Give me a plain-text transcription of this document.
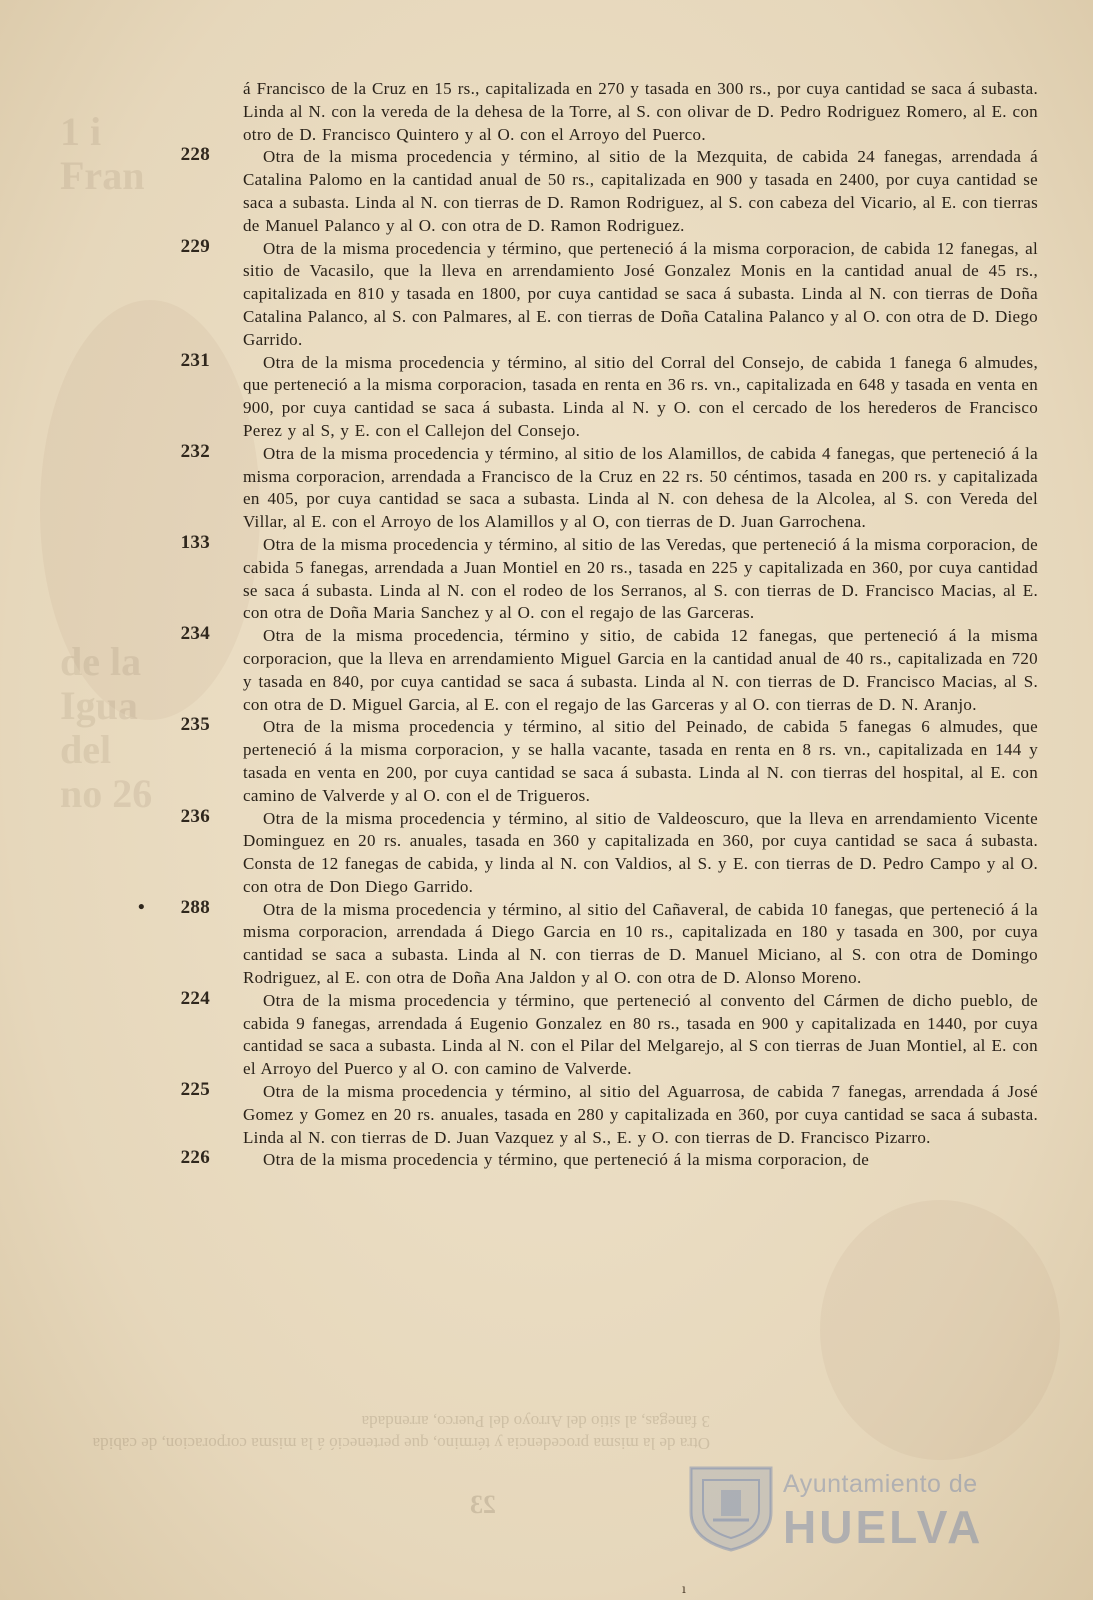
1 i
Fran
de la
Igua
del
no 26

á Francisco de la Cruz en 15 rs., capitalizada en 270 y tasada en 300 rs., por cuya cantidad se saca á subasta. Linda al N. con la vereda de la dehesa de la Torre, al S. con olivar de D. Pedro Rodriguez Romero, al E. con otro de D. Francisco Quintero y al O. con el Arroyo del Puerco.

228	Otra de la misma procedencia y término, al sitio de la Mezquita, de cabida 24 fanegas, arrendada á Catalina Palomo en la cantidad anual de 50 rs., capitalizada en 900 y tasada en 2400, por cuya cantidad se saca a subasta. Linda al N. con tierras de D. Ramon Rodriguez, al S. con cabeza del Vicario, al E. con tierras de Manuel Palanco y al O. con otra de D. Ramon Rodriguez.

229	Otra de la misma procedencia y término, que perteneció á la misma corporacion, de cabida 12 fanegas, al sitio de Vacasilo, que la lleva en arrendamiento José Gonzalez Monis en la cantidad anual de 45 rs., capitalizada en 810 y tasada en 1800, por cuya cantidad se saca á subasta. Linda al N. con tierras de Doña Catalina Palanco, al S. con Palmares, al E. con tierras de Doña Catalina Palanco y al O. con otra de D. Diego Garrido.

231	Otra de la misma procedencia y término, al sitio del Corral del Consejo, de cabida 1 fanega 6 almudes, que perteneció a la misma corporacion, tasada en renta en 36 rs. vn., capitalizada en 648 y tasada en venta en 900, por cuya cantidad se saca á subasta. Linda al N. y O. con el cercado de los herederos de Francisco Perez y al S, y E. con el Callejon del Consejo.

232	Otra de la misma procedencia y término, al sitio de los Alamillos, de cabida 4 fanegas, que perteneció á la misma corporacion, arrendada a Francisco de la Cruz en 22 rs. 50 céntimos, tasada en 200 rs. y capitalizada en 405, por cuya cantidad se saca a subasta. Linda al N. con dehesa de la Alcolea, al S. con Vereda del Villar, al E. con el Arroyo de los Alamillos y al O, con tierras de D. Juan Garrochena.

133	Otra de la misma procedencia y término, al sitio de las Veredas, que perteneció á la misma corporacion, de cabida 5 fanegas, arrendada a Juan Montiel en 20 rs., tasada en 225 y capitalizada en 360, por cuya cantidad se saca á subasta. Linda al N. con el rodeo de los Serranos, al S. con tierras de D. Francisco Macias, al E. con otra de Doña Maria Sanchez y al O. con el regajo de las Garceras.

234	Otra de la misma procedencia, término y sitio, de cabida 12 fanegas, que perteneció á la misma corporacion, que la lleva en arrendamiento Miguel Garcia en la cantidad anual de 40 rs., capitalizada en 720 y tasada en 840, por cuya cantidad se saca á subasta. Linda al N. con tierras de D. Francisco Macias, al S. con otra de D. Miguel Garcia, al E. con el regajo de las Garceras y al O. con tierras de D. N. Aranjo.

235	Otra de la misma procedencia y término, al sitio del Peinado, de cabida 5 fanegas 6 almudes, que perteneció á la misma corporacion, y se halla vacante, tasada en renta en 8 rs. vn., capitalizada en 144 y tasada en venta en 200, por cuya cantidad se saca á subasta. Linda al N. con tierras del hospital, al E. con camino de Valverde y al O. con el de Trigueros.

236	Otra de la misma procedencia y término, al sitio de Valdeoscuro, que la lleva en arrendamiento Vicente Dominguez en 20 rs. anuales, tasada en 360 y capitalizada en 360, por cuya cantidad se saca á subasta. Consta de 12 fanegas de cabida, y linda al N. con Valdios, al S. y E. con tierras de D. Pedro Campo y al O. con otra de Don Diego Garrido.

• 288	Otra de la misma procedencia y término, al sitio del Cañaveral, de cabida 10 fanegas, que perteneció á la misma corporacion, arrendada á Diego Garcia en 10 rs., capitalizada en 180 y tasada en 300, por cuya cantidad se saca a subasta. Linda al N. con tierras de D. Manuel Miciano, al S. con otra de Domingo Rodriguez, al E. con otra de Doña Ana Jaldon y al O. con otra de D. Alonso Moreno.

224	Otra de la misma procedencia y término, que perteneció al convento del Cármen de dicho pueblo, de cabida 9 fanegas, arrendada á Eugenio Gonzalez en 80 rs., tasada en 900 y capitalizada en 1440, por cuya cantidad se saca a subasta. Linda al N. con el Pilar del Melgarejo, al S con tierras de Juan Montiel, al E. con el Arroyo del Puerco y al O. con camino de Valverde.

225	Otra de la misma procedencia y término, al sitio del Aguarrosa, de cabida 7 fanegas, arrendada á José Gomez y Gomez en 20 rs. anuales, tasada en 280 y capitalizada en 360, por cuya cantidad se saca á subasta. Linda al N. con tierras de D. Juan Vazquez y al S., E. y O. con tierras de D. Francisco Pizarro.

226	Otra de la misma procedencia y término, que perteneció á la misma corporacion, de

Otra de la misma procedencia y término, que perteneció á la misma corporacion, de cabida 3 fanegas, al sitio del Arroyo del Puerco, arrendada
23
Ayuntamiento de
HUELVA
ı
